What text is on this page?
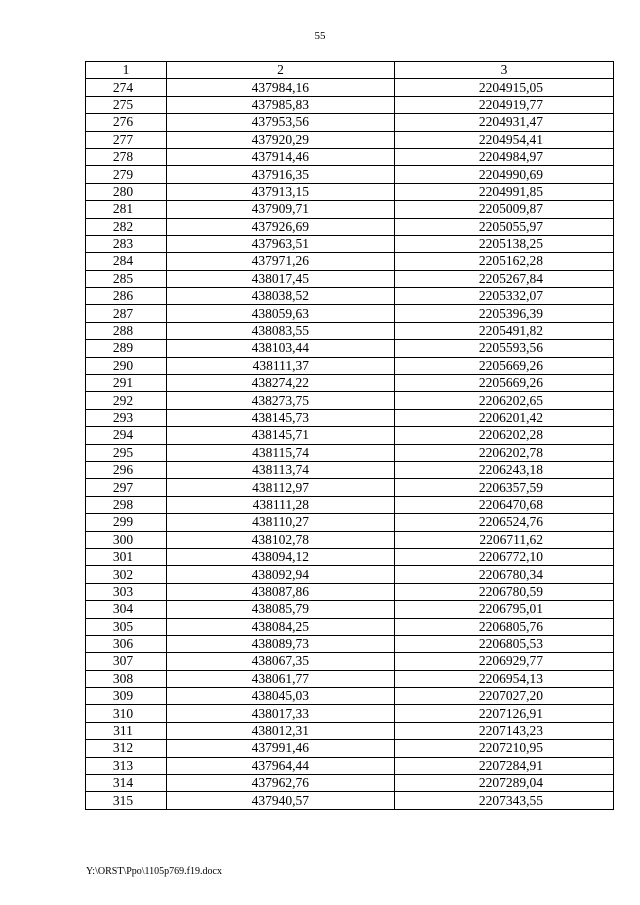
55
1	2	3
274	437984,16	2204915,05
275	437985,83	2204919,77
276	437953,56	2204931,47
277	437920,29	2204954,41
278	437914,46	2204984,97
279	437916,35	2204990,69
280	437913,15	2204991,85
281	437909,71	2205009,87
282	437926,69	2205055,97
283	437963,51	2205138,25
284	437971,26	2205162,28
285	438017,45	2205267,84
286	438038,52	2205332,07
287	438059,63	2205396,39
288	438083,55	2205491,82
289	438103,44	2205593,56
290	438111,37	2205669,26
291	438274,22	2205669,26
292	438273,75	2206202,65
293	438145,73	2206201,42
294	438145,71	2206202,28
295	438115,74	2206202,78
296	438113,74	2206243,18
297	438112,97	2206357,59
298	438111,28	2206470,68
299	438110,27	2206524,76
300	438102,78	2206711,62
301	438094,12	2206772,10
302	438092,94	2206780,34
303	438087,86	2206780,59
304	438085,79	2206795,01
305	438084,25	2206805,76
306	438089,73	2206805,53
307	438067,35	2206929,77
308	438061,77	2206954,13
309	438045,03	2207027,20
310	438017,33	2207126,91
311	438012,31	2207143,23
312	437991,46	2207210,95
313	437964,44	2207284,91
314	437962,76	2207289,04
315	437940,57	2207343,55
Y:\ORST\Ppo\1105p769.f19.docx
